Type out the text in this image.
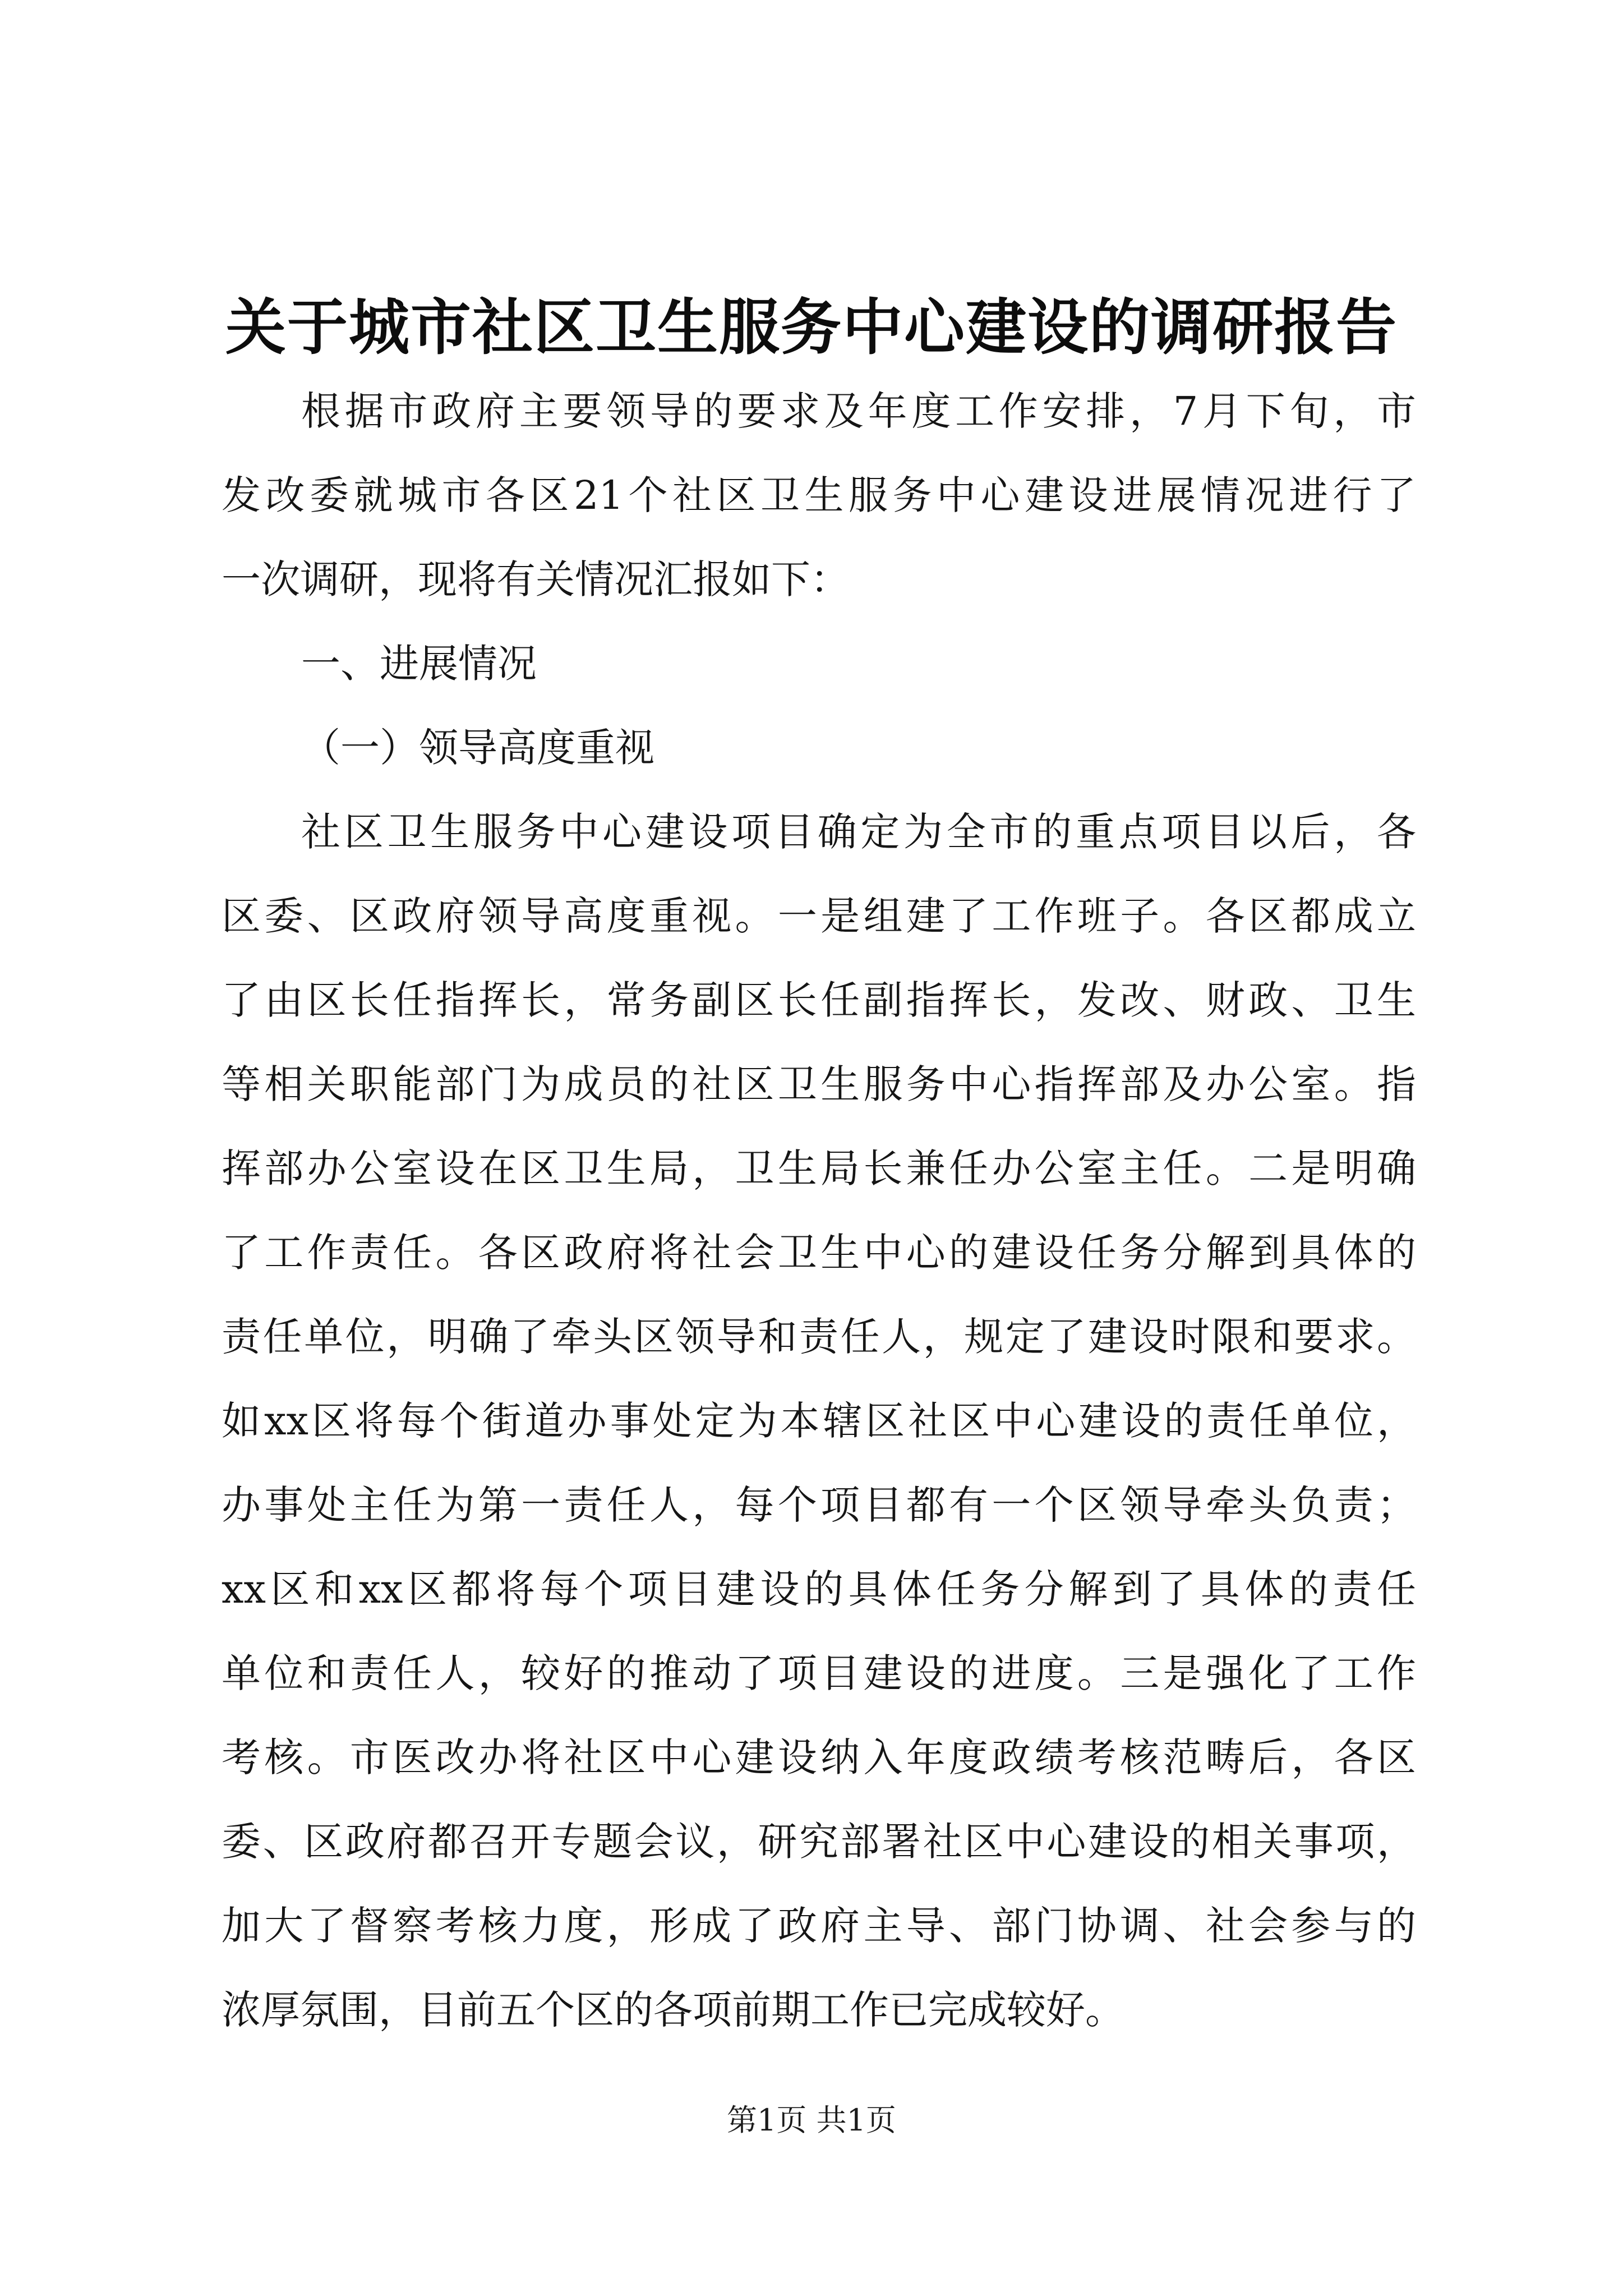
关于城市社区卫生服务中心建设的调研报告
根据市政府主要领导的要求及年度工作安排，7月下旬，市
发改委就城市各区21个社区卫生服务中心建设进展情况进行了
一次调研，现将有关情况汇报如下：
一、进展情况
（一）领导高度重视
社区卫生服务中心建设项目确定为全市的重点项目以后，各
区委、区政府领导高度重视。一是组建了工作班子。各区都成立
了由区长任指挥长，常务副区长任副指挥长，发改、财政、卫生
等相关职能部门为成员的社区卫生服务中心指挥部及办公室。指
挥部办公室设在区卫生局，卫生局长兼任办公室主任。二是明确
了工作责任。各区政府将社会卫生中心的建设任务分解到具体的
责任单位，明确了牵头区领导和责任人，规定了建设时限和要求。
如xx区将每个街道办事处定为本辖区社区中心建设的责任单位，
办事处主任为第一责任人，每个项目都有一个区领导牵头负责；
xx区和xx区都将每个项目建设的具体任务分解到了具体的责任
单位和责任人，较好的推动了项目建设的进度。三是强化了工作
考核。市医改办将社区中心建设纳入年度政绩考核范畴后，各区
委、区政府都召开专题会议，研究部署社区中心建设的相关事项，
加大了督察考核力度，形成了政府主导、部门协调、社会参与的
浓厚氛围，目前五个区的各项前期工作已完成较好。
第1页 共1页
